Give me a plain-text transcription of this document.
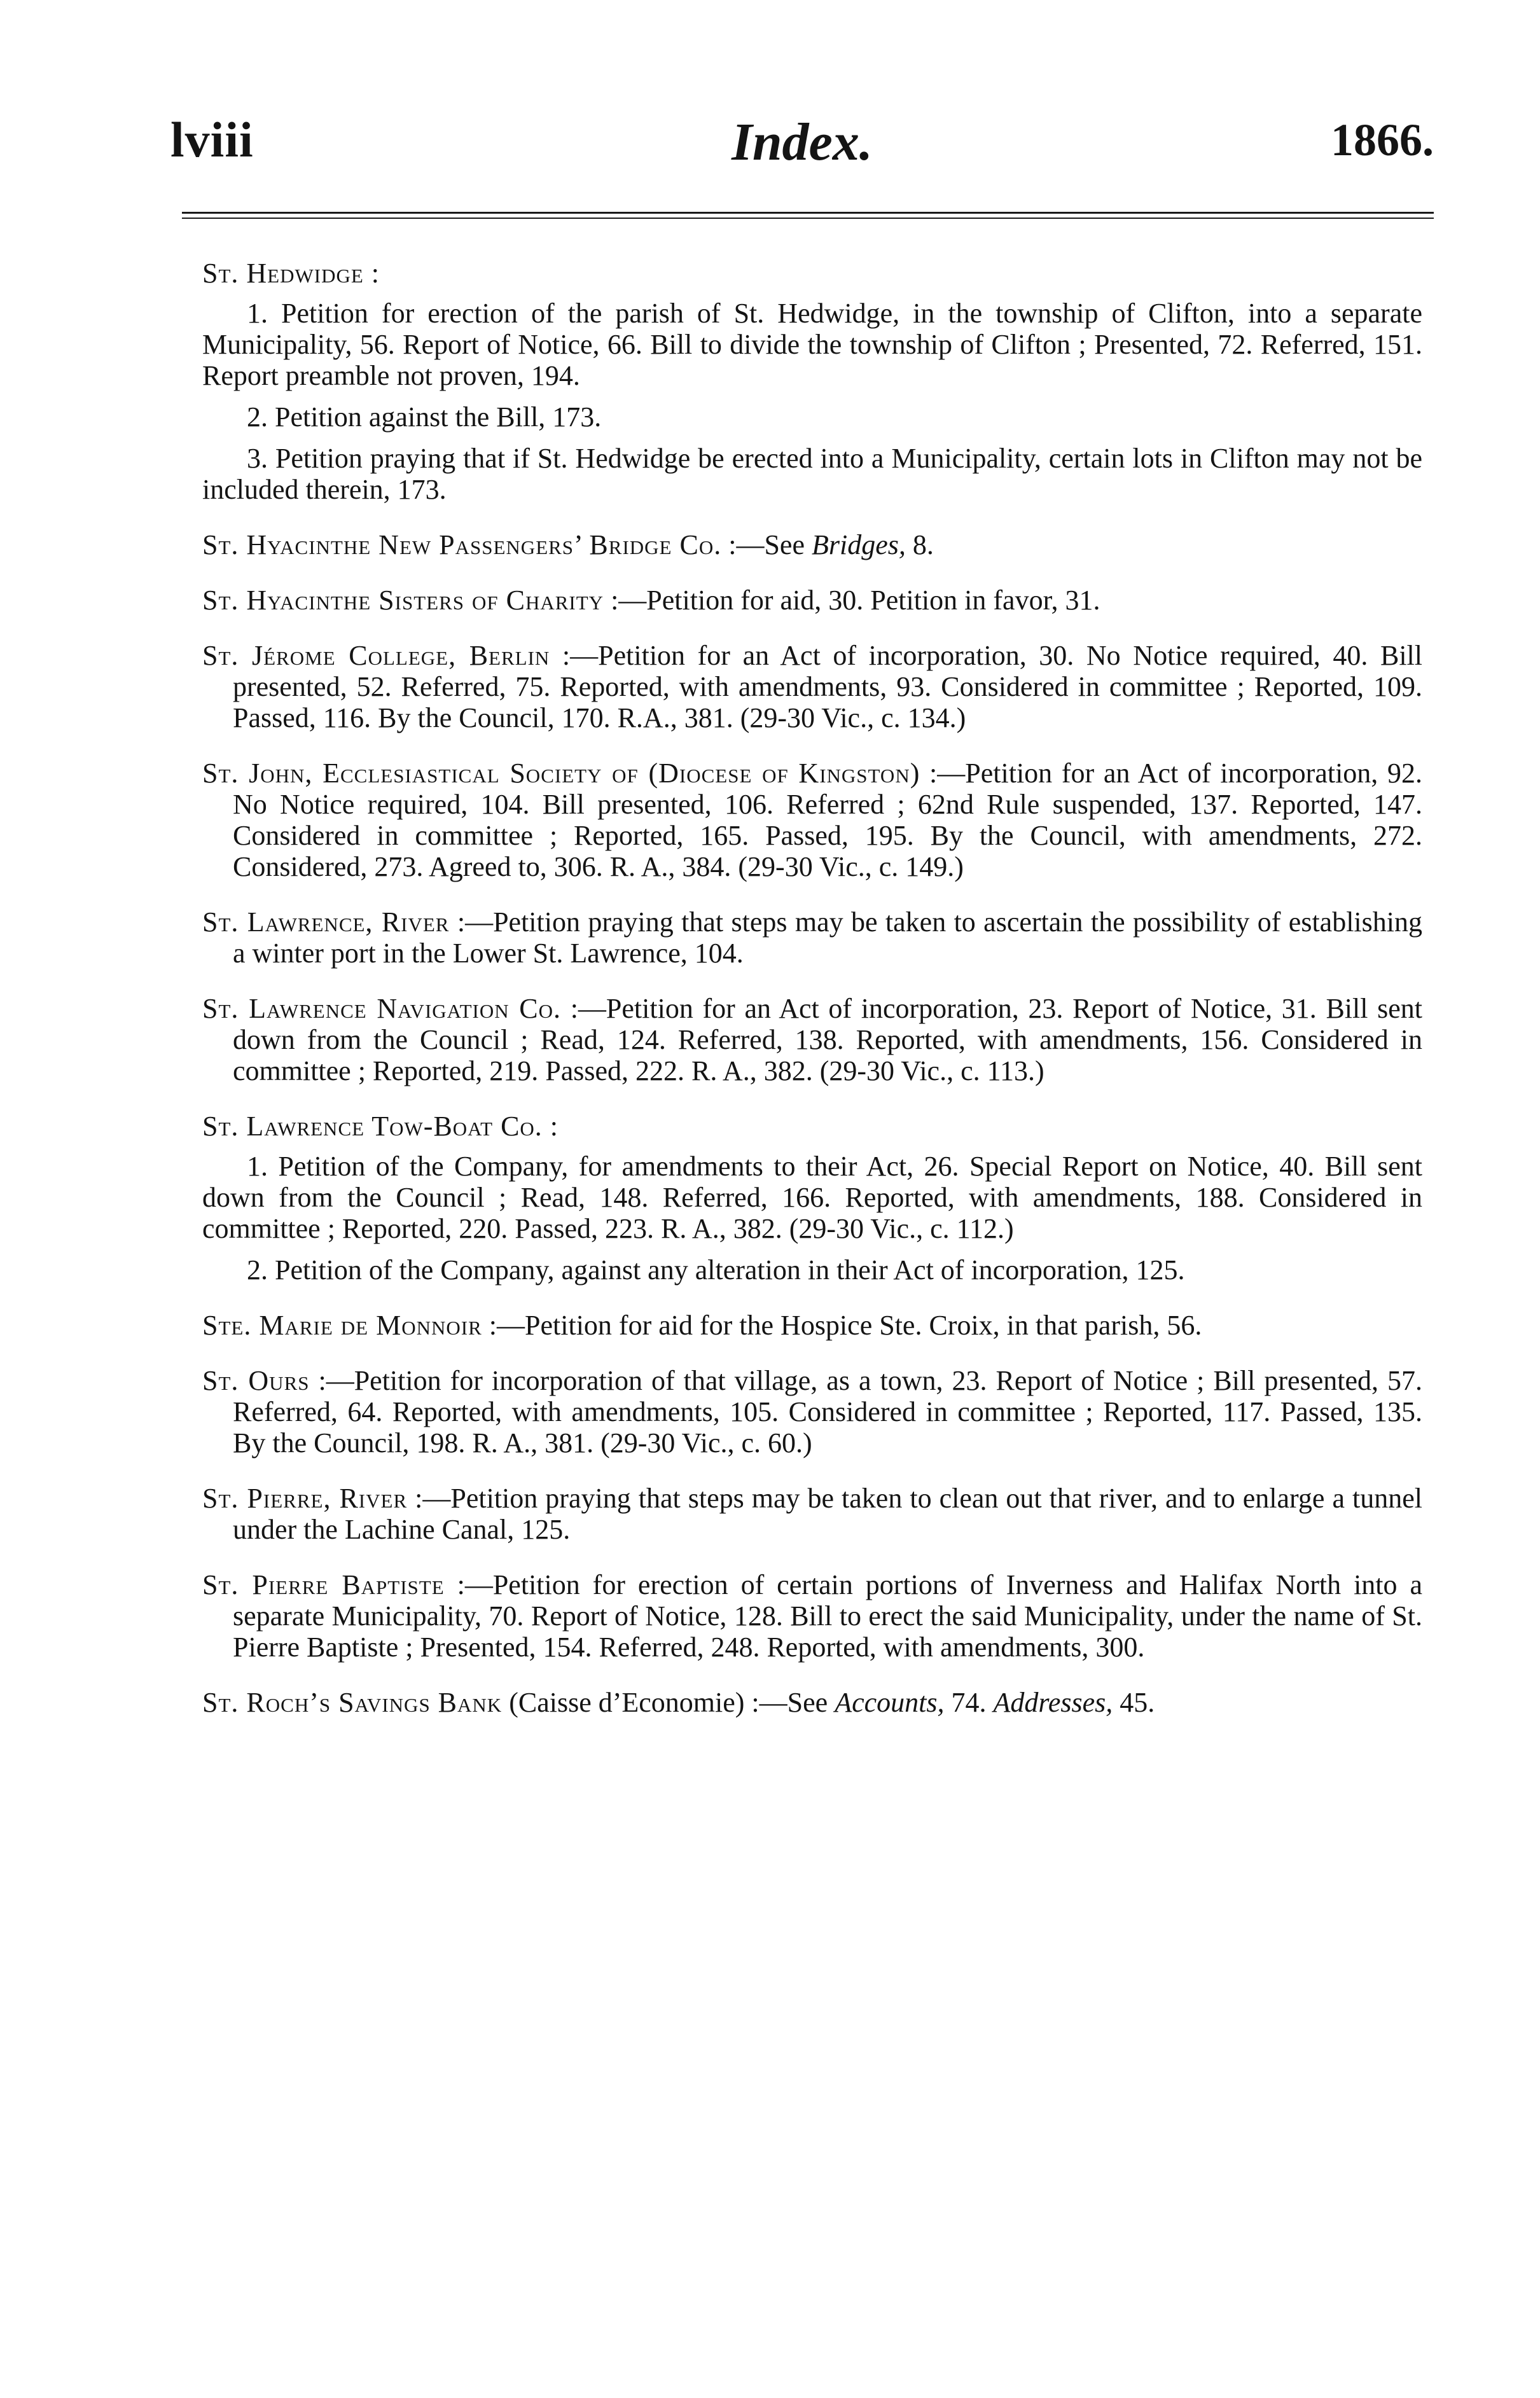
lviii	Index.	1866.
St. Hedwidge :

1. Petition for erection of the parish of St. Hedwidge, in the township of Clifton, into a separate Municipality, 56. Report of Notice, 66. Bill to divide the township of Clifton ; Presented, 72. Referred, 151. Report preamble not proven, 194.

2. Petition against the Bill, 173.

3. Petition praying that if St. Hedwidge be erected into a Municipality, certain lots in Clifton may not be included therein, 173.

St. Hyacinthe New Passengers’ Bridge Co. :—See Bridges, 8.

St. Hyacinthe Sisters of Charity :—Petition for aid, 30. Petition in favor, 31.

St. Jérome College, Berlin :—Petition for an Act of incorporation, 30. No Notice required, 40. Bill presented, 52. Referred, 75. Reported, with amendments, 93. Considered in committee ; Reported, 109. Passed, 116. By the Council, 170. R.A., 381. (29-30 Vic., c. 134.)

St. John, Ecclesiastical Society of (Diocese of Kingston) :—Petition for an Act of incorporation, 92. No Notice required, 104. Bill presented, 106. Referred ; 62nd Rule suspended, 137. Reported, 147. Considered in committee ; Reported, 165. Passed, 195. By the Council, with amendments, 272. Considered, 273. Agreed to, 306. R. A., 384. (29-30 Vic., c. 149.)

St. Lawrence, River :—Petition praying that steps may be taken to ascertain the possibility of establishing a winter port in the Lower St. Lawrence, 104.

St. Lawrence Navigation Co. :—Petition for an Act of incorporation, 23. Report of Notice, 31. Bill sent down from the Council ; Read, 124. Referred, 138. Reported, with amendments, 156. Considered in committee ; Reported, 219. Passed, 222. R. A., 382. (29-30 Vic., c. 113.)

St. Lawrence Tow-Boat Co. :

1. Petition of the Company, for amendments to their Act, 26. Special Report on Notice, 40. Bill sent down from the Council ; Read, 148. Referred, 166. Reported, with amendments, 188. Considered in committee ; Reported, 220. Passed, 223. R. A., 382. (29-30 Vic., c. 112.)

2. Petition of the Company, against any alteration in their Act of incorporation, 125.

Ste. Marie de Monnoir :—Petition for aid for the Hospice Ste. Croix, in that parish, 56.

St. Ours :—Petition for incorporation of that village, as a town, 23. Report of Notice ; Bill presented, 57. Referred, 64. Reported, with amendments, 105. Considered in committee ; Reported, 117. Passed, 135. By the Council, 198. R. A., 381. (29-30 Vic., c. 60.)

St. Pierre, River :—Petition praying that steps may be taken to clean out that river, and to enlarge a tunnel under the Lachine Canal, 125.

St. Pierre Baptiste :—Petition for erection of certain portions of Inverness and Halifax North into a separate Municipality, 70. Report of Notice, 128. Bill to erect the said Municipality, under the name of St. Pierre Baptiste ; Presented, 154. Referred, 248. Reported, with amendments, 300.

St. Roch’s Savings Bank (Caisse d’Economie) :—See Accounts, 74. Addresses, 45.
